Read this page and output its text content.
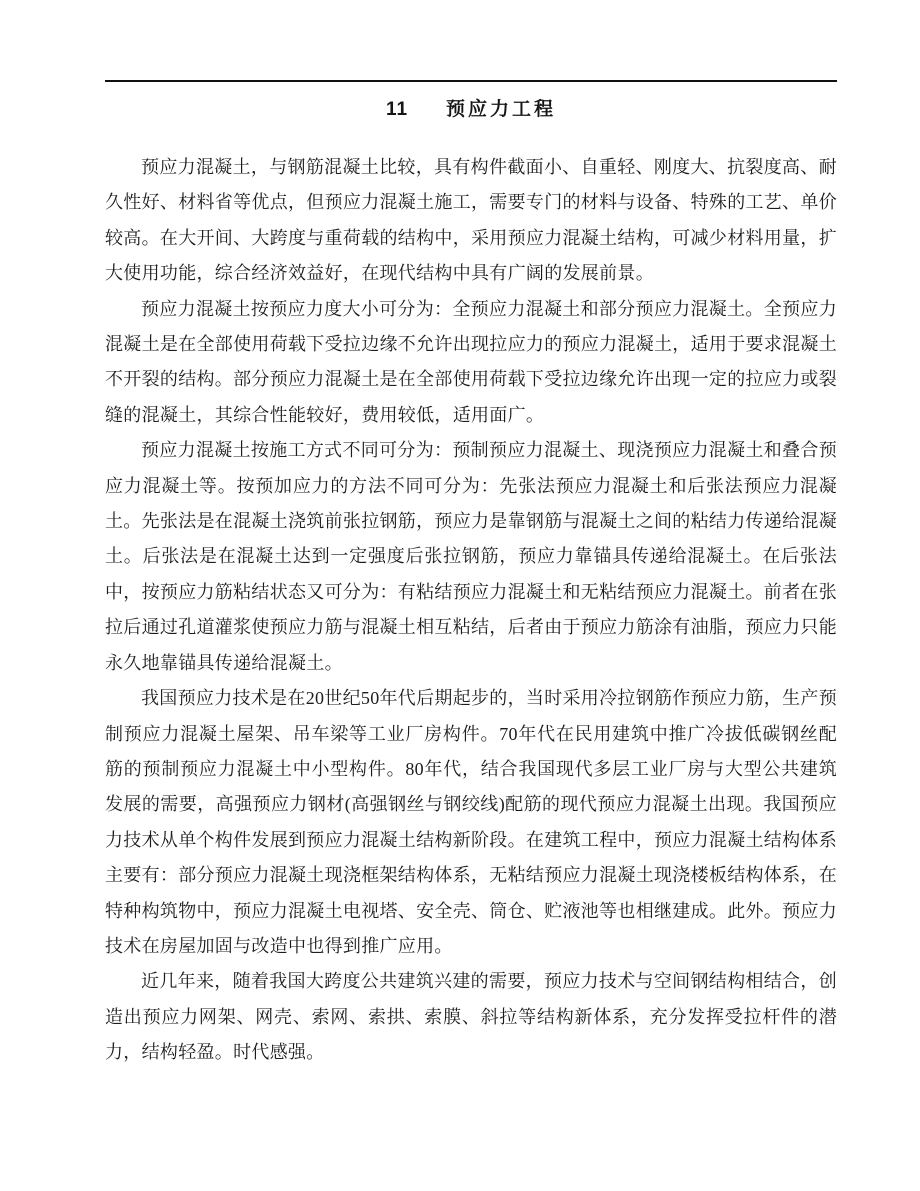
11 预应力工程

预应力混凝土，与钢筋混凝土比较，具有构件截面小、自重轻、刚度大、抗裂度高、耐久性好、材料省等优点，但预应力混凝土施工，需要专门的材料与设备、特殊的工艺、单价较高。在大开间、大跨度与重荷载的结构中，采用预应力混凝土结构，可减少材料用量，扩大使用功能，综合经济效益好，在现代结构中具有广阔的发展前景。

预应力混凝土按预应力度大小可分为：全预应力混凝土和部分预应力混凝土。全预应力混凝土是在全部使用荷载下受拉边缘不允许出现拉应力的预应力混凝土，适用于要求混凝土不开裂的结构。部分预应力混凝土是在全部使用荷载下受拉边缘允许出现一定的拉应力或裂缝的混凝土，其综合性能较好，费用较低，适用面广。

预应力混凝土按施工方式不同可分为：预制预应力混凝土、现浇预应力混凝土和叠合预应力混凝土等。按预加应力的方法不同可分为：先张法预应力混凝土和后张法预应力混凝土。先张法是在混凝土浇筑前张拉钢筋，预应力是靠钢筋与混凝土之间的粘结力传递给混凝土。后张法是在混凝土达到一定强度后张拉钢筋，预应力靠锚具传递给混凝土。在后张法中，按预应力筋粘结状态又可分为：有粘结预应力混凝土和无粘结预应力混凝土。前者在张拉后通过孔道灌浆使预应力筋与混凝土相互粘结，后者由于预应力筋涂有油脂，预应力只能永久地靠锚具传递给混凝土。

我国预应力技术是在20世纪50年代后期起步的，当时采用冷拉钢筋作预应力筋，生产预制预应力混凝土屋架、吊车梁等工业厂房构件。70年代在民用建筑中推广冷拔低碳钢丝配筋的预制预应力混凝土中小型构件。80年代，结合我国现代多层工业厂房与大型公共建筑发展的需要，高强预应力钢材(高强钢丝与钢绞线)配筋的现代预应力混凝土出现。我国预应力技术从单个构件发展到预应力混凝土结构新阶段。在建筑工程中，预应力混凝土结构体系主要有：部分预应力混凝土现浇框架结构体系，无粘结预应力混凝土现浇楼板结构体系，在特种构筑物中，预应力混凝土电视塔、安全壳、筒仓、贮液池等也相继建成。此外。预应力技术在房屋加固与改造中也得到推广应用。

近几年来，随着我国大跨度公共建筑兴建的需要，预应力技术与空间钢结构相结合，创造出预应力网架、网壳、索网、索拱、索膜、斜拉等结构新体系，充分发挥受拉杆件的潜力，结构轻盈。时代感强。
